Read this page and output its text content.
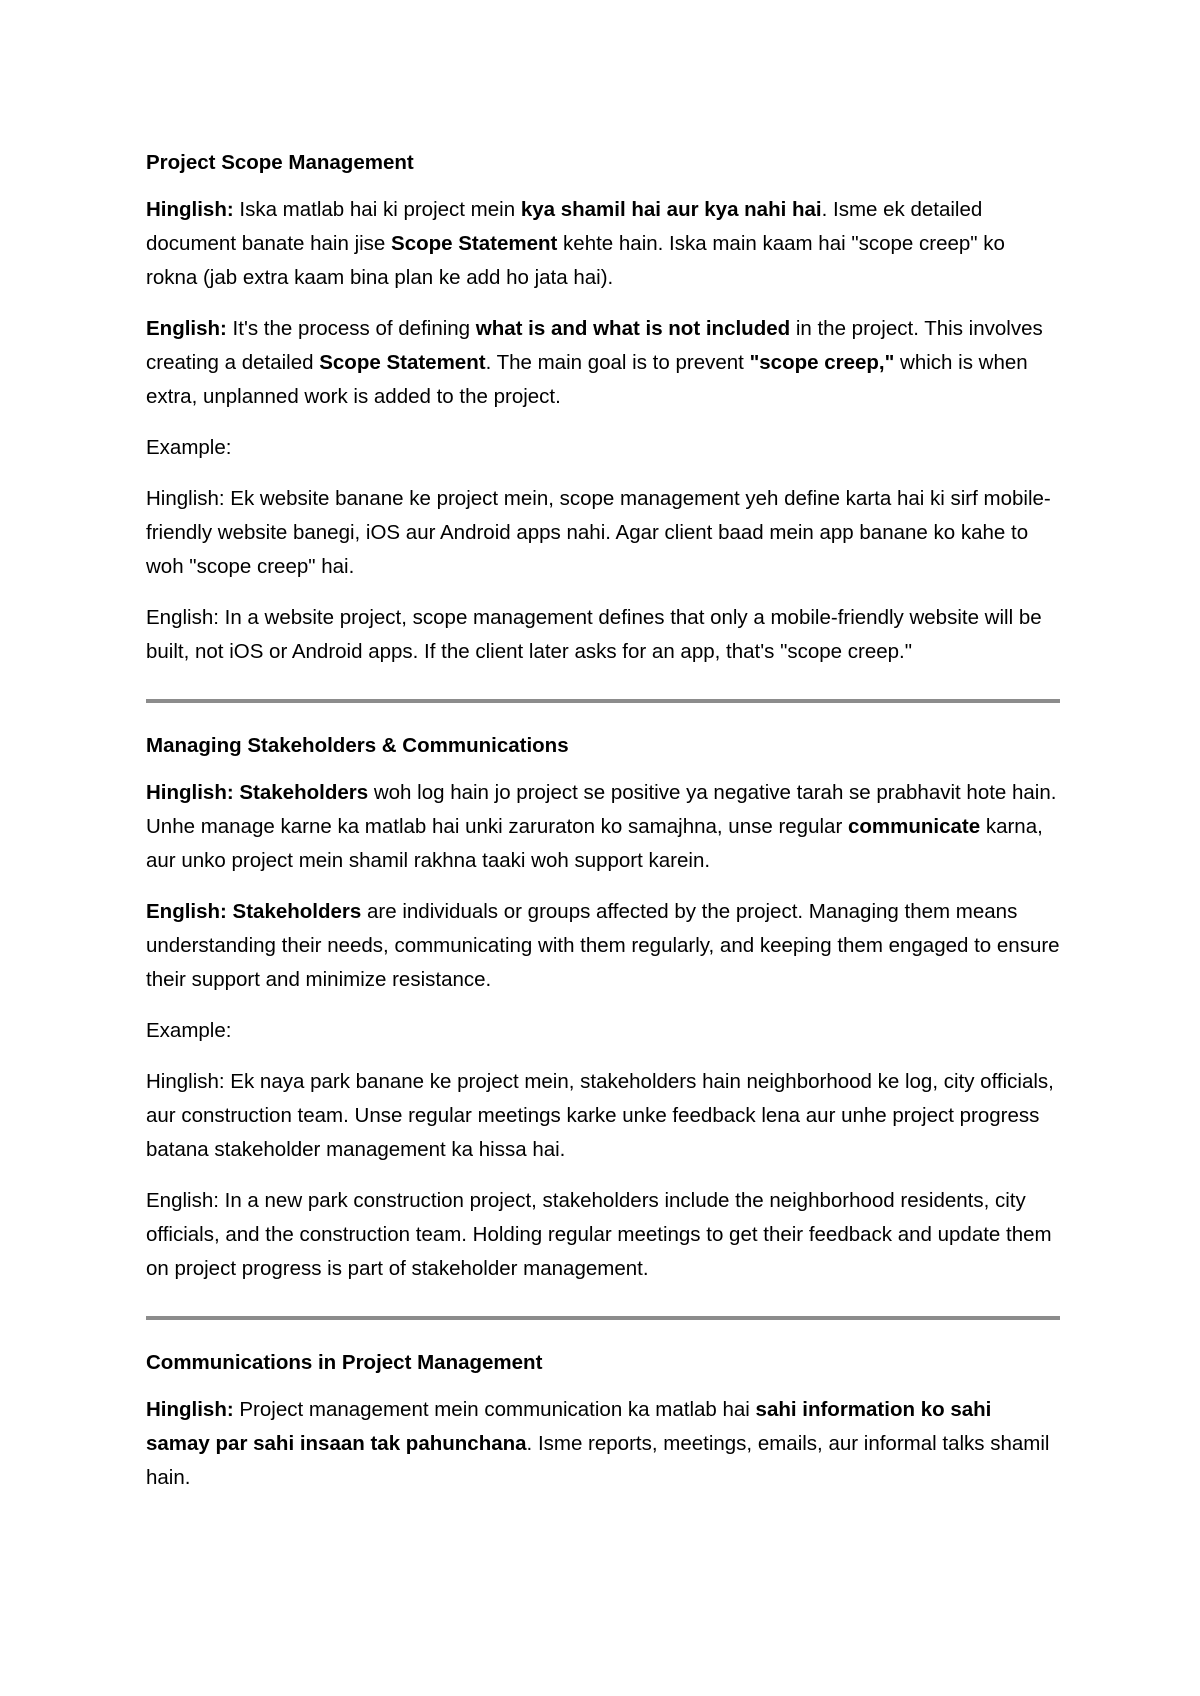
Project Scope Management

Hinglish: Iska matlab hai ki project mein kya shamil hai aur kya nahi hai. Isme ek detailed document banate hain jise Scope Statement kehte hain. Iska main kaam hai "scope creep" ko rokna (jab extra kaam bina plan ke add ho jata hai).

English: It's the process of defining what is and what is not included in the project. This involves creating a detailed Scope Statement. The main goal is to prevent "scope creep," which is when extra, unplanned work is added to the project.

Example:

Hinglish: Ek website banane ke project mein, scope management yeh define karta hai ki sirf mobile-friendly website banegi, iOS aur Android apps nahi. Agar client baad mein app banane ko kahe to woh "scope creep" hai.

English: In a website project, scope management defines that only a mobile-friendly website will be built, not iOS or Android apps. If the client later asks for an app, that's "scope creep."

Managing Stakeholders & Communications

Hinglish: Stakeholders woh log hain jo project se positive ya negative tarah se prabhavit hote hain. Unhe manage karne ka matlab hai unki zaruraton ko samajhna, unse regular communicate karna, aur unko project mein shamil rakhna taaki woh support karein.

English: Stakeholders are individuals or groups affected by the project. Managing them means understanding their needs, communicating with them regularly, and keeping them engaged to ensure their support and minimize resistance.

Example:

Hinglish: Ek naya park banane ke project mein, stakeholders hain neighborhood ke log, city officials, aur construction team. Unse regular meetings karke unke feedback lena aur unhe project progress batana stakeholder management ka hissa hai.

English: In a new park construction project, stakeholders include the neighborhood residents, city officials, and the construction team. Holding regular meetings to get their feedback and update them on project progress is part of stakeholder management.

Communications in Project Management

Hinglish: Project management mein communication ka matlab hai sahi information ko sahi samay par sahi insaan tak pahunchana. Isme reports, meetings, emails, aur informal talks shamil hain.
